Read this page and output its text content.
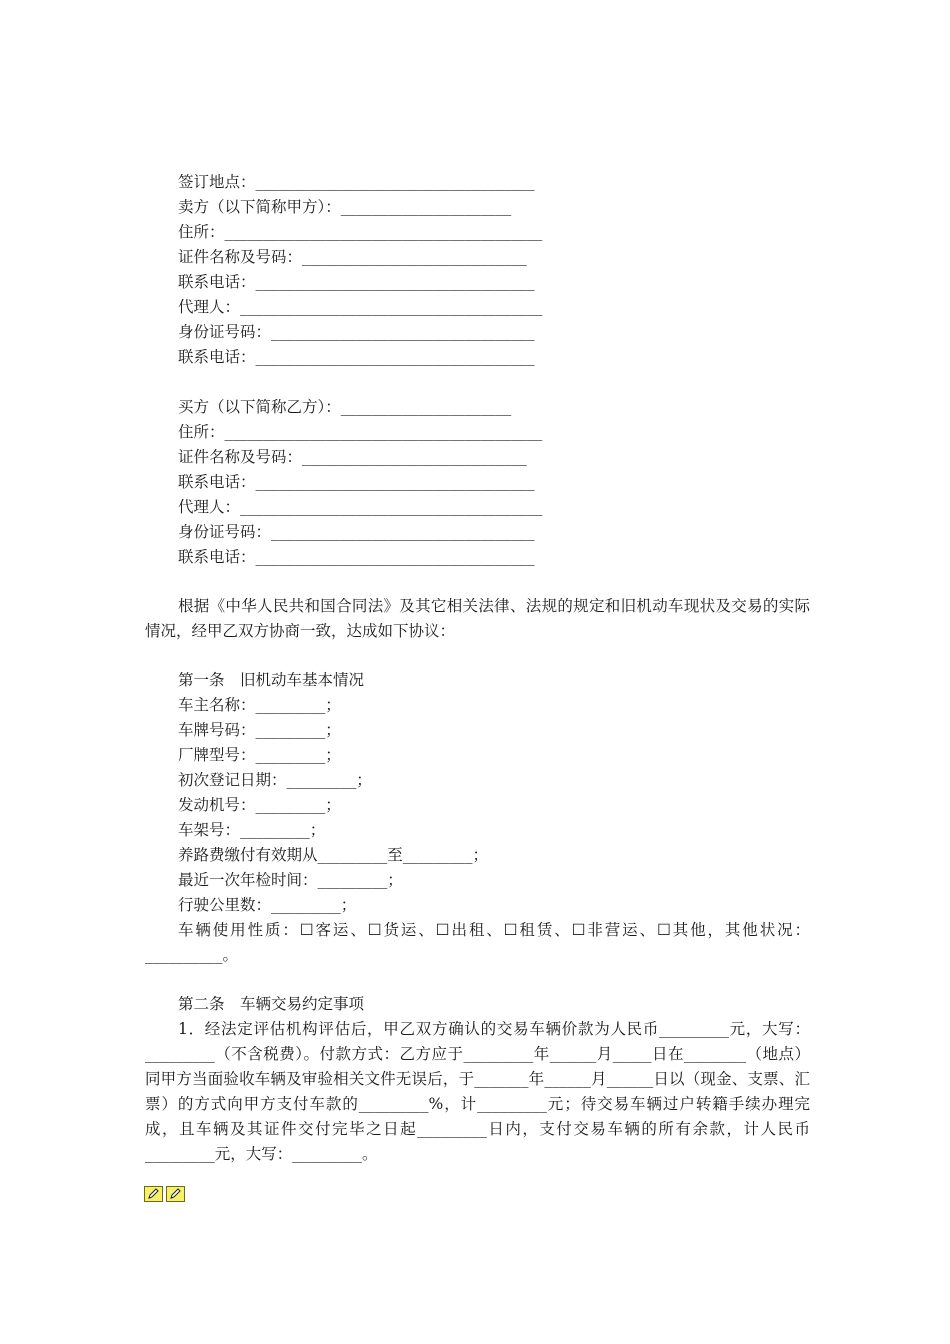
签订地点：____________________________________
卖方（以下简称甲方）：______________________
住所：_________________________________________
证件名称及号码：_____________________________
联系电话：____________________________________
代理人：_______________________________________
身份证号码：__________________________________
联系电话：____________________________________
买方（以下简称乙方）：______________________
住所：_________________________________________
证件名称及号码：_____________________________
联系电话：____________________________________
代理人：_______________________________________
身份证号码：__________________________________
联系电话：____________________________________
根据《中华人民共和国合同法》及其它相关法律、法规的规定和旧机动车现状及交易的实际情况，经甲乙双方协商一致，达成如下协议：
第一条　旧机动车基本情况
车主名称：_________；
车牌号码：_________；
厂牌型号：_________；
初次登记日期：_________；
发动机号：_________；
车架号：_________；
养路费缴付有效期从_________至_________；
最近一次年检时间：_________；
行驶公里数：_________；
车辆使用性质：☐客运、☐货运、☐出租、☐租赁、☐非营运、☐其他，其他状况：__________。
第二条　车辆交易约定事项
1．经法定评估机构评估后，甲乙双方确认的交易车辆价款为人民币_________元，大写：_________（不含税费）。付款方式：乙方应于_________年______月_____日在________（地点）同甲方当面验收车辆及审验相关文件无误后，于_______年______月______日以（现金、支票、汇票）的方式向甲方支付车款的_________%，计_________元；待交易车辆过户转籍手续办理完成，且车辆及其证件交付完毕之日起_________日内，支付交易车辆的所有余款，计人民币_________元，大写：_________。
